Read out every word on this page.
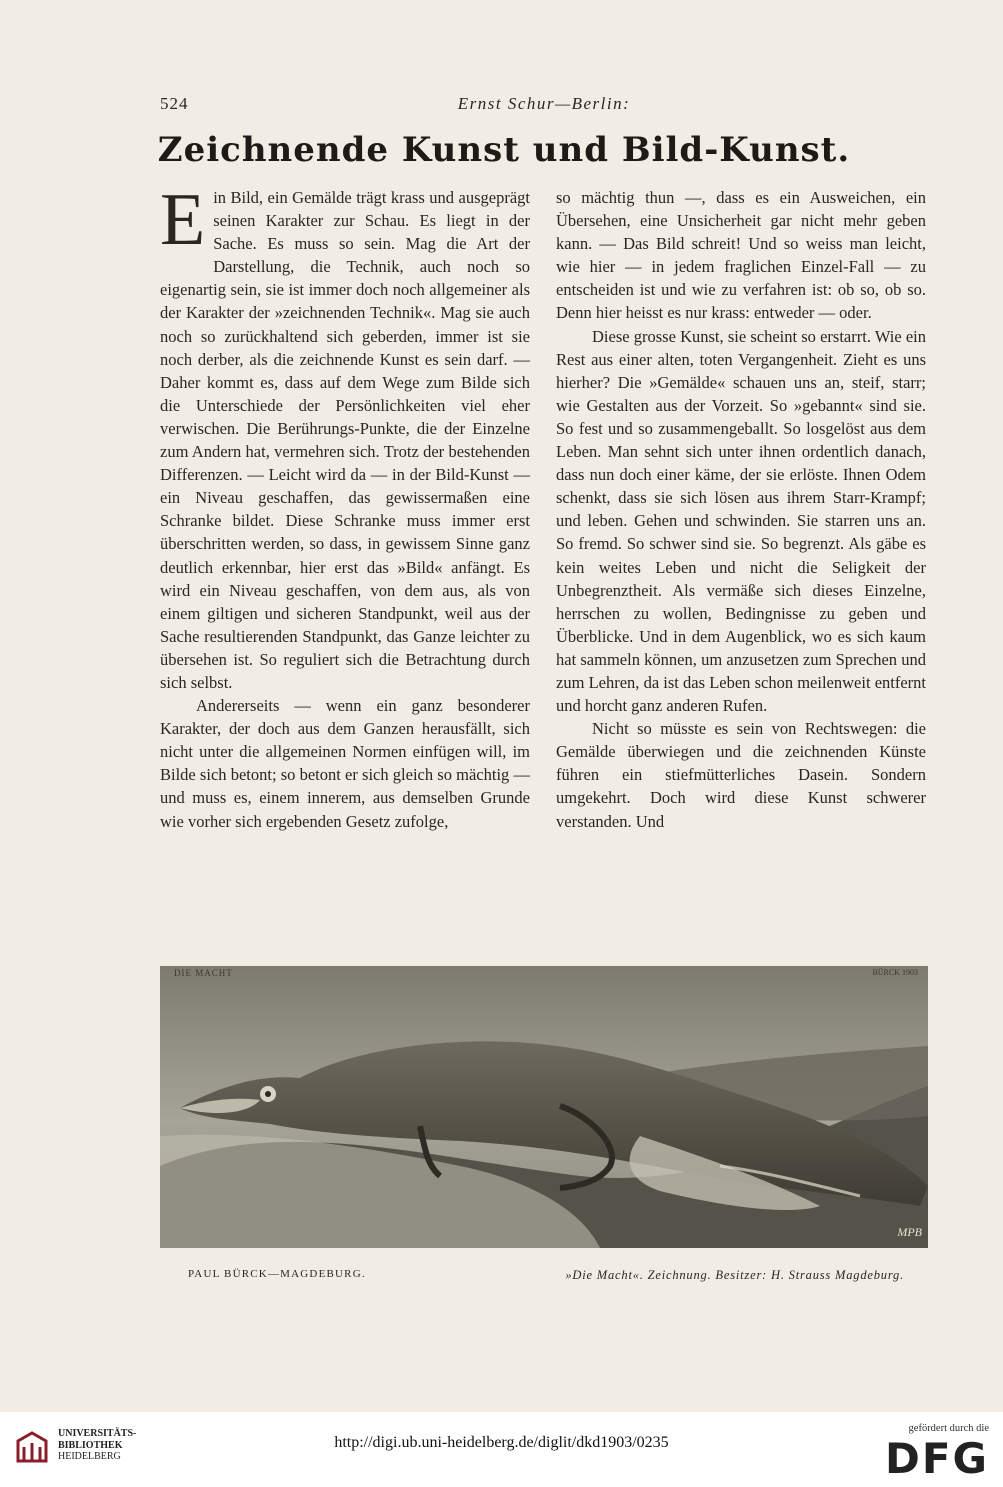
524	Ernst Schur—Berlin:
Zeichnende Kunst und Bild-Kunst.

Ein Bild, ein Gemälde trägt krass und ausgeprägt seinen Karakter zur Schau. Es liegt in der Sache. Es muss so sein. Mag die Art der Darstellung, die Technik, auch noch so eigenartig sein, sie ist immer doch noch allgemeiner als der Karakter der »zeichnenden Technik«. Mag sie auch noch so zurückhaltend sich geberden, immer ist sie noch derber, als die zeichnende Kunst es sein darf. — Daher kommt es, dass auf dem Wege zum Bilde sich die Unterschiede der Persönlichkeiten viel eher verwischen. Die Berührungs-Punkte, die der Einzelne zum Andern hat, vermehren sich. Trotz der bestehenden Differenzen. — Leicht wird da — in der Bild-Kunst — ein Niveau geschaffen, das gewissermaßen eine Schranke bildet. Diese Schranke muss immer erst überschritten werden, so dass, in gewissem Sinne ganz deutlich erkennbar, hier erst das »Bild« anfängt. Es wird ein Niveau geschaffen, von dem aus, als von einem giltigen und sicheren Standpunkt, weil aus der Sache resultierenden Standpunkt, das Ganze leichter zu übersehen ist. So reguliert sich die Betrachtung durch sich selbst.

Andererseits — wenn ein ganz besonderer Karakter, der doch aus dem Ganzen herausfällt, sich nicht unter die allgemeinen Normen einfügen will, im Bilde sich betont; so betont er sich gleich so mächtig — und muss es, einem innerem, aus demselben Grunde wie vorher sich ergebenden Gesetz zufolge,

so mächtig thun —, dass es ein Ausweichen, ein Übersehen, eine Unsicherheit gar nicht mehr geben kann. — Das Bild schreit! Und so weiss man leicht, wie hier — in jedem fraglichen Einzel-Fall — zu entscheiden ist und wie zu verfahren ist: ob so, ob so. Denn hier heisst es nur krass: entweder — oder.

Diese grosse Kunst, sie scheint so erstarrt. Wie ein Rest aus einer alten, toten Vergangenheit. Zieht es uns hierher? Die »Gemälde« schauen uns an, steif, starr; wie Gestalten aus der Vorzeit. So »gebannt« sind sie. So fest und so zusammengeballt. So losgelöst aus dem Leben. Man sehnt sich unter ihnen ordentlich danach, dass nun doch einer käme, der sie erlöste. Ihnen Odem schenkt, dass sie sich lösen aus ihrem Starr-Krampf; und leben. Gehen und schwinden. Sie starren uns an. So fremd. So schwer sind sie. So begrenzt. Als gäbe es kein weites Leben und nicht die Seligkeit der Unbegrenztheit. Als vermäße sich dieses Einzelne, herrschen zu wollen, Bedingnisse zu geben und Überblicke. Und in dem Augenblick, wo es sich kaum hat sammeln können, um anzusetzen zum Sprechen und zum Lehren, da ist das Leben schon meilenweit entfernt und horcht ganz anderen Rufen.

Nicht so müsste es sein von Rechtswegen: die Gemälde überwiegen und die zeichnenden Künste führen ein stiefmütterliches Dasein. Sondern umgekehrt. Doch wird diese Kunst schwerer verstanden. Und

DIE MACHT	BÜRCK 1903
MPB
PAUL BÜRCK—MAGDEBURG.	»Die Macht«. Zeichnung. Besitzer: H. Strauss Magdeburg.
UNIVERSITÄTS-
BIBLIOTHEK
HEIDELBERG
http://digi.ub.uni-heidelberg.de/diglit/dkd1903/0235
gefördert durch die
DFG
